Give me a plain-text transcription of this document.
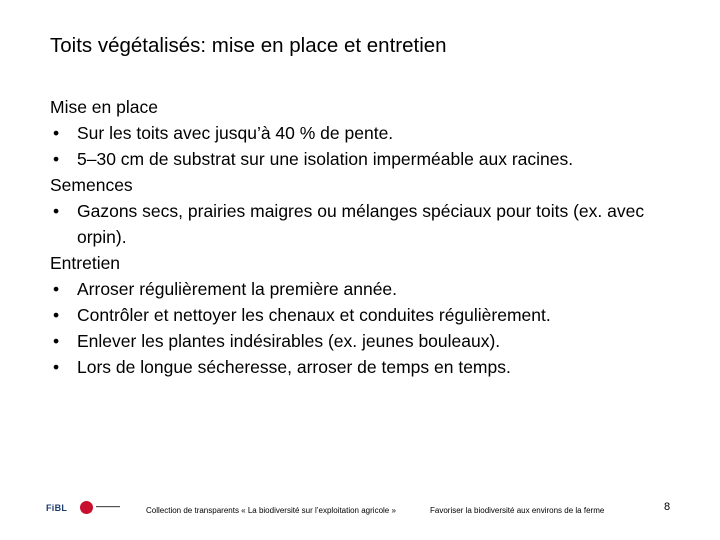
Toits végétalisés: mise en place et entretien
Mise en place
•	Sur les toits avec jusqu’à 40 % de pente.
•	5–30 cm de substrat sur une isolation imperméable aux racines.
Semences
•	Gazons secs, prairies maigres ou mélanges spéciaux pour toits (ex. avec orpin).
Entretien
•	Arroser régulièrement la première année.
•	Contrôler et nettoyer les chenaux et conduites régulièrement.
•	Enlever les plantes indésirables (ex. jeunes bouleaux).
•	Lors de longue sécheresse, arroser de temps en temps.
FiBL	Collection de transparents « La biodiversité sur l’exploitation agricole »	Favoriser la biodiversité aux environs de la ferme	8
